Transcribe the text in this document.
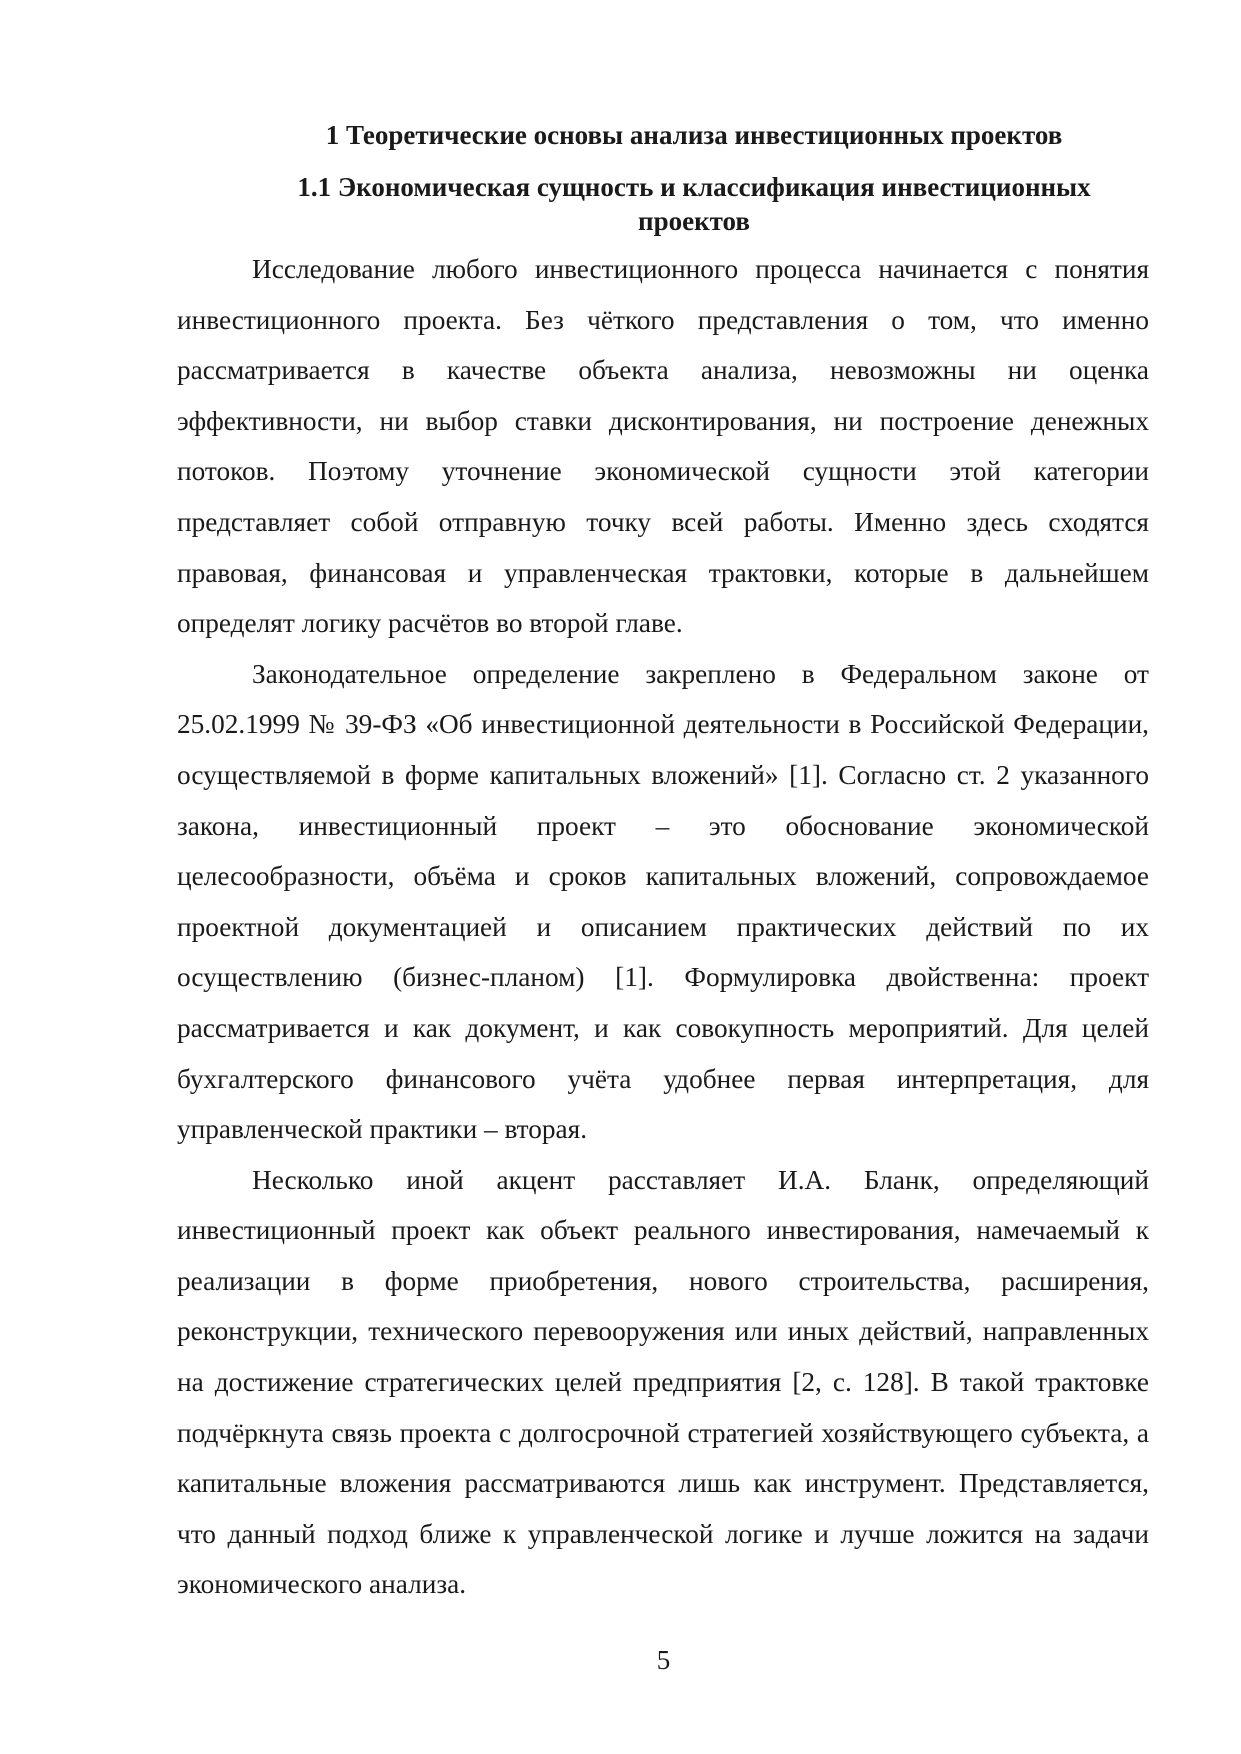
1 Теоретические основы анализа инвестиционных проектов
1.1 Экономическая сущность и классификация инвестиционных проектов

Исследование любого инвестиционного процесса начинается с понятия инвестиционного проекта. Без чёткого представления о том, что именно рассматривается в качестве объекта анализа, невозможны ни оценка эффективности, ни выбор ставки дисконтирования, ни построение денежных потоков. Поэтому уточнение экономической сущности этой категории представляет собой отправную точку всей работы. Именно здесь сходятся правовая, финансовая и управленческая трактовки, которые в дальнейшем определят логику расчётов во второй главе.

Законодательное определение закреплено в Федеральном законе от 25.02.1999 № 39-ФЗ «Об инвестиционной деятельности в Российской Федерации, осуществляемой в форме капитальных вложений» [1]. Согласно ст. 2 указанного закона, инвестиционный проект – это обоснование экономической целесообразности, объёма и сроков капитальных вложений, сопровождаемое проектной документацией и описанием практических действий по их осуществлению (бизнес-планом) [1]. Формулировка двойственна: проект рассматривается и как документ, и как совокупность мероприятий. Для целей бухгалтерского финансового учёта удобнее первая интерпретация, для управленческой практики – вторая.

Несколько иной акцент расставляет И.А. Бланк, определяющий инвестиционный проект как объект реального инвестирования, намечаемый к реализации в форме приобретения, нового строительства, расширения, реконструкции, технического перевооружения или иных действий, направленных на достижение стратегических целей предприятия [2, с. 128]. В такой трактовке подчёркнута связь проекта с долгосрочной стратегией хозяйствующего субъекта, а капитальные вложения рассматриваются лишь как инструмент. Представляется, что данный подход ближе к управленческой логике и лучше ложится на задачи экономического анализа.

5
